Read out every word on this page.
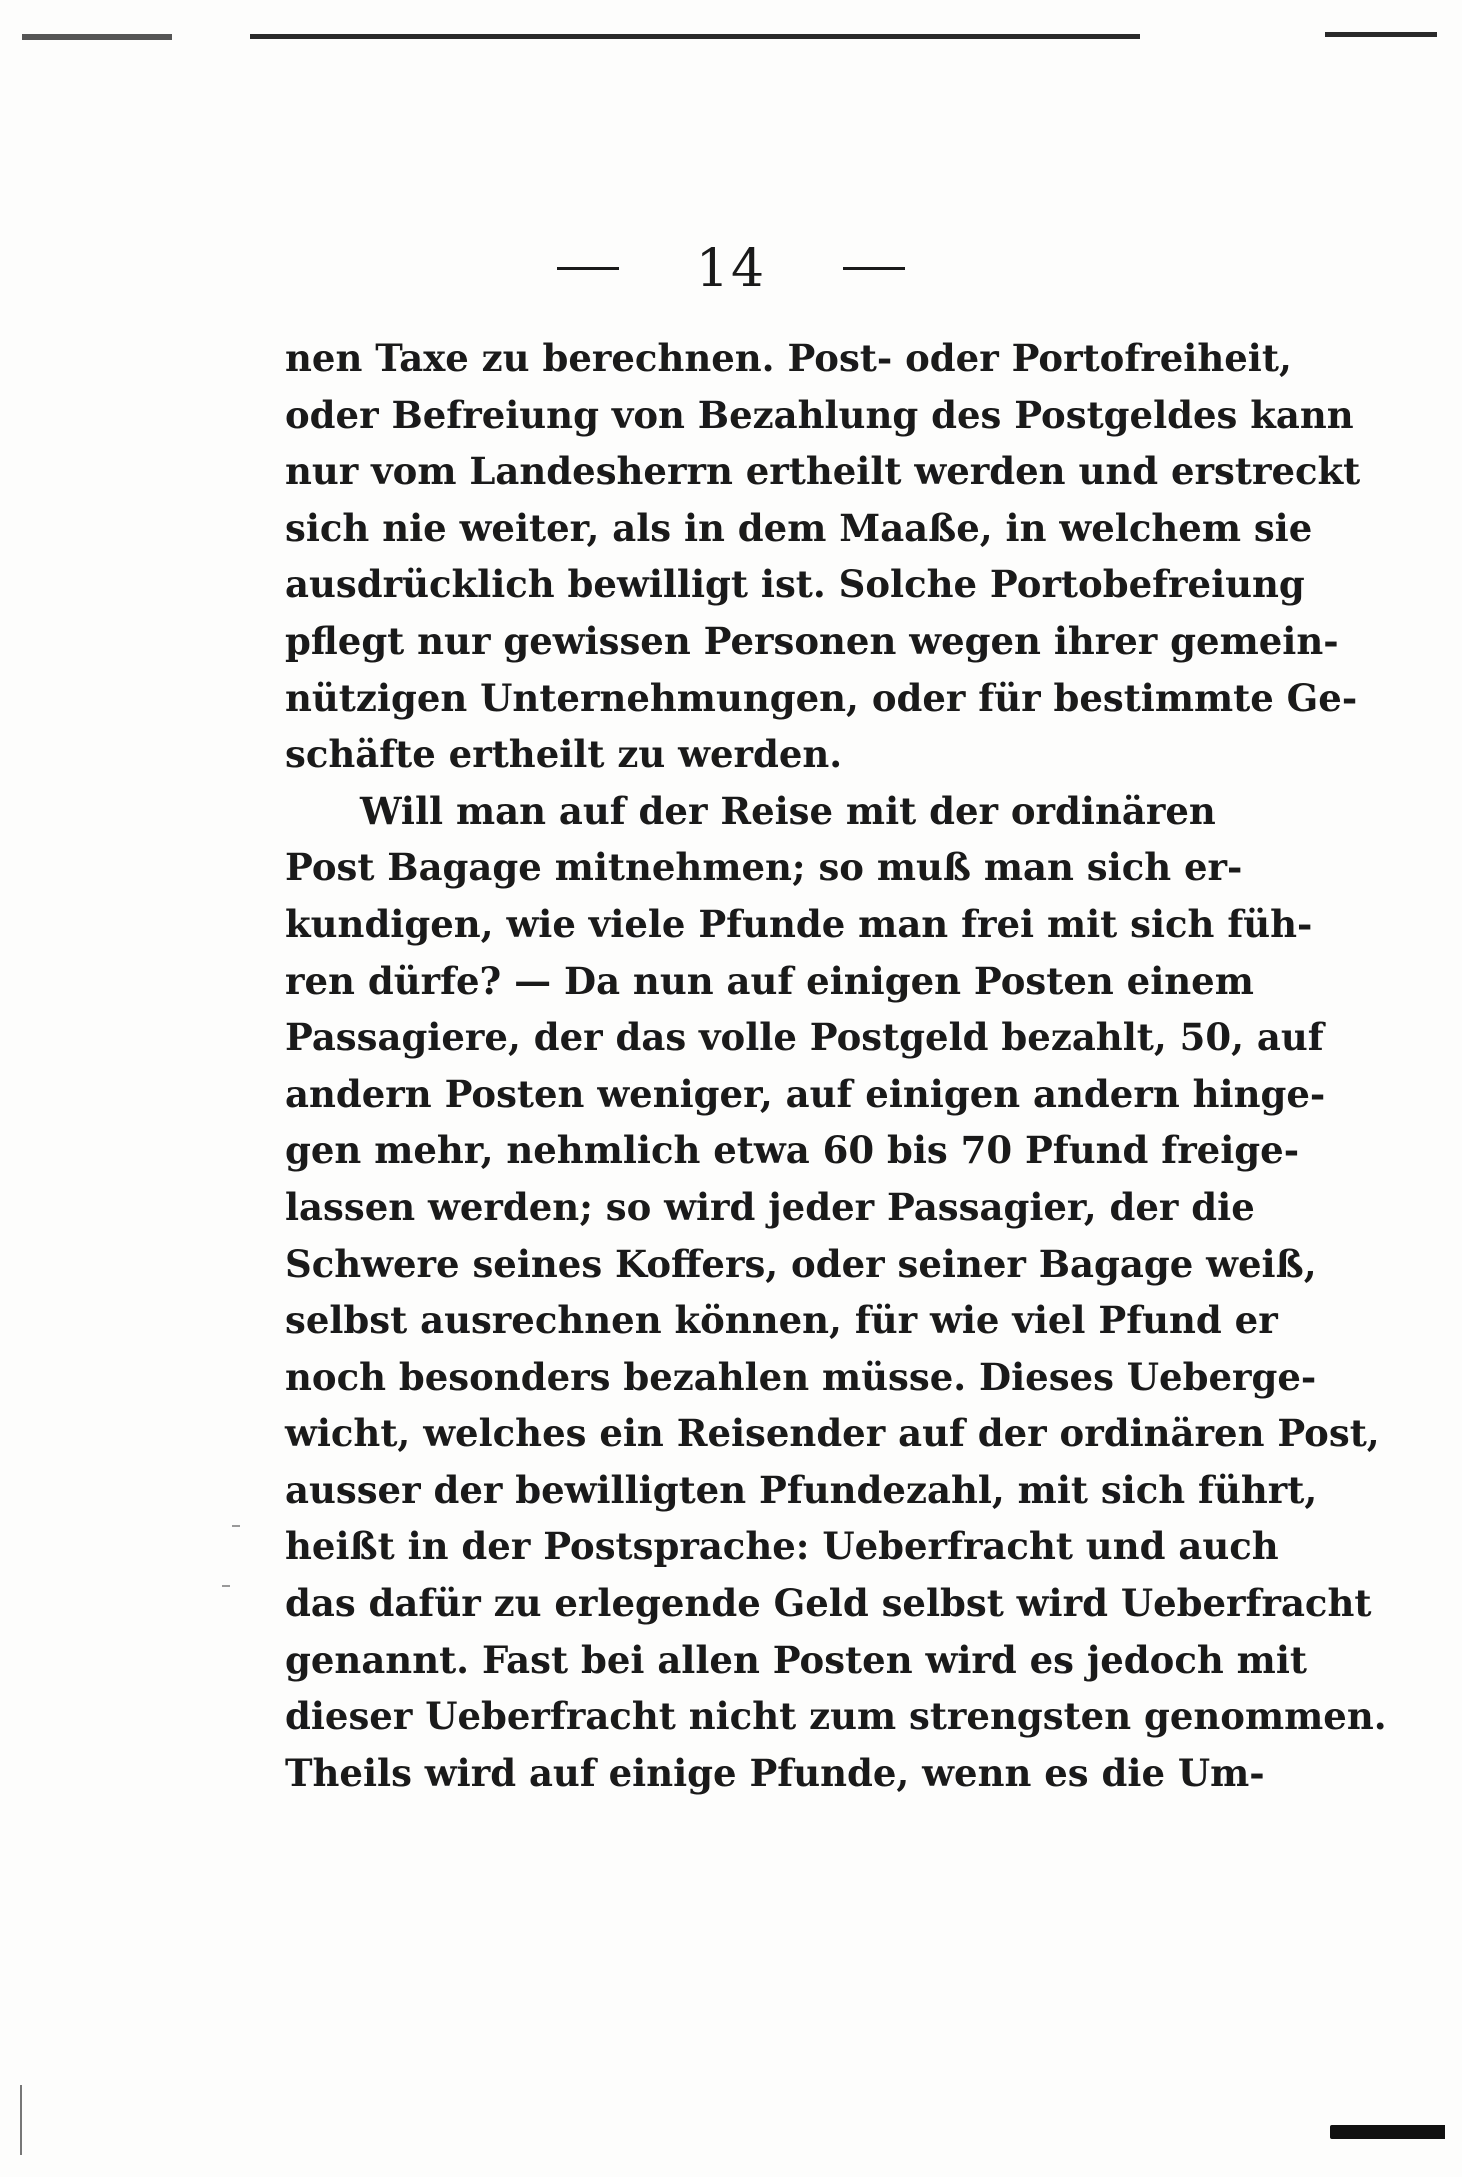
14
nen Taxe zu berechnen. Post- oder Portofreiheit,
oder Befreiung von Bezahlung des Postgeldes kann
nur vom Landesherrn ertheilt werden und erstreckt
sich nie weiter, als in dem Maaße, in welchem sie
ausdrücklich bewilligt ist. Solche Portobefreiung
pflegt nur gewissen Personen wegen ihrer gemein-
nützigen Unternehmungen, oder für bestimmte Ge-
schäfte ertheilt zu werden.
Will man auf der Reise mit der ordinären
Post Bagage mitnehmen; so muß man sich er-
kundigen, wie viele Pfunde man frei mit sich füh-
ren dürfe? — Da nun auf einigen Posten einem
Passagiere, der das volle Postgeld bezahlt, 50, auf
andern Posten weniger, auf einigen andern hinge-
gen mehr, nehmlich etwa 60 bis 70 Pfund freige-
lassen werden; so wird jeder Passagier, der die
Schwere seines Koffers, oder seiner Bagage weiß,
selbst ausrechnen können, für wie viel Pfund er
noch besonders bezahlen müsse. Dieses Ueberge-
wicht, welches ein Reisender auf der ordinären Post,
ausser der bewilligten Pfundezahl, mit sich führt,
heißt in der Postsprache: Ueberfracht und auch
das dafür zu erlegende Geld selbst wird Ueberfracht
genannt. Fast bei allen Posten wird es jedoch mit
dieser Ueberfracht nicht zum strengsten genommen.
Theils wird auf einige Pfunde, wenn es die Um-
